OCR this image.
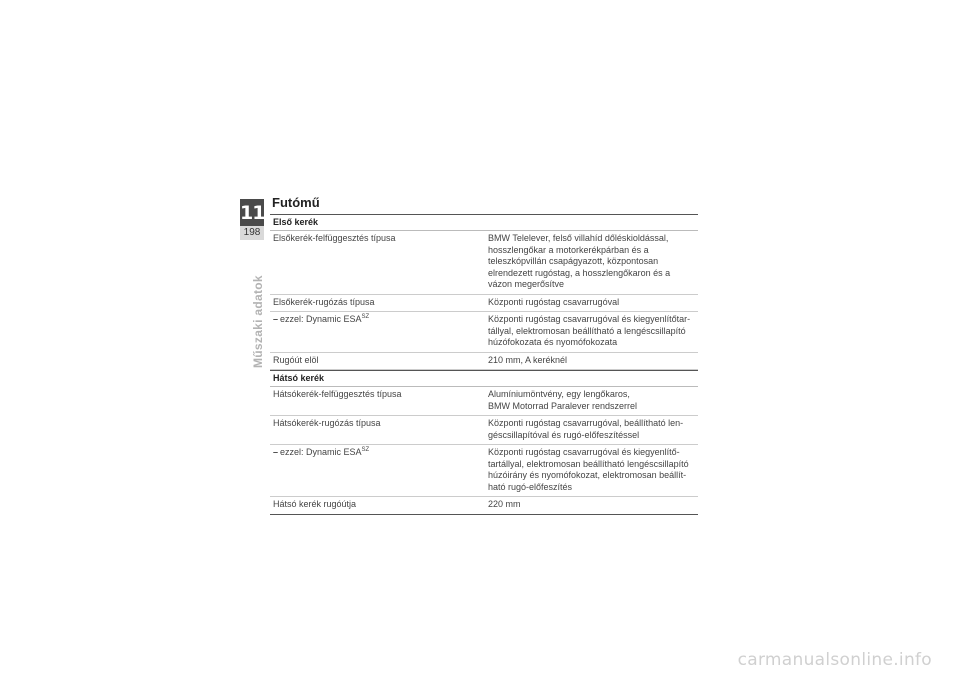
11
198
Műszaki adatok
Futómű
Első kerék
Elsőkerék-felfüggesztés típusa	BMW Telelever, felső villahíd dőléskioldással,
hosszlengőkar a motorkerékpárban és a
teleszkópvillán csapágyazott, központosan
elrendezett rugóstag, a hosszlengőkaron és a
vázon megerősítve
Elsőkerék-rugózás típusa	Központi rugóstag csavarrugóval
– ezzel: Dynamic $ESA^{SZ}$	Központi rugóstag csavarrugóval és kiegyenlítőtar-
tállyal, elektromosan beállítható a lengéscsillapító
húzófokozata és nyomófokozata
Rugóút elöl	210 mm, A keréknél
Hátsó kerék
Hátsókerék-felfüggesztés típusa	Alumíniumöntvény, egy lengőkaros,
BMW Motorrad Paralever rendszerrel
Hátsókerék-rugózás típusa	Központi rugóstag csavarrugóval, beállítható len-
géscsillapítóval és rugó-előfeszítéssel
– ezzel: Dynamic $ESA^{SZ}$	Központi rugóstag csavarrugóval és kiegyenlítő-
tartállyal, elektromosan beállítható lengéscsillapító
húzóirány és nyomófokozat, elektromosan beállít-
ható rugó-előfeszítés
Hátsó kerék rugóútja	220 mm
carmanualsonline.info
